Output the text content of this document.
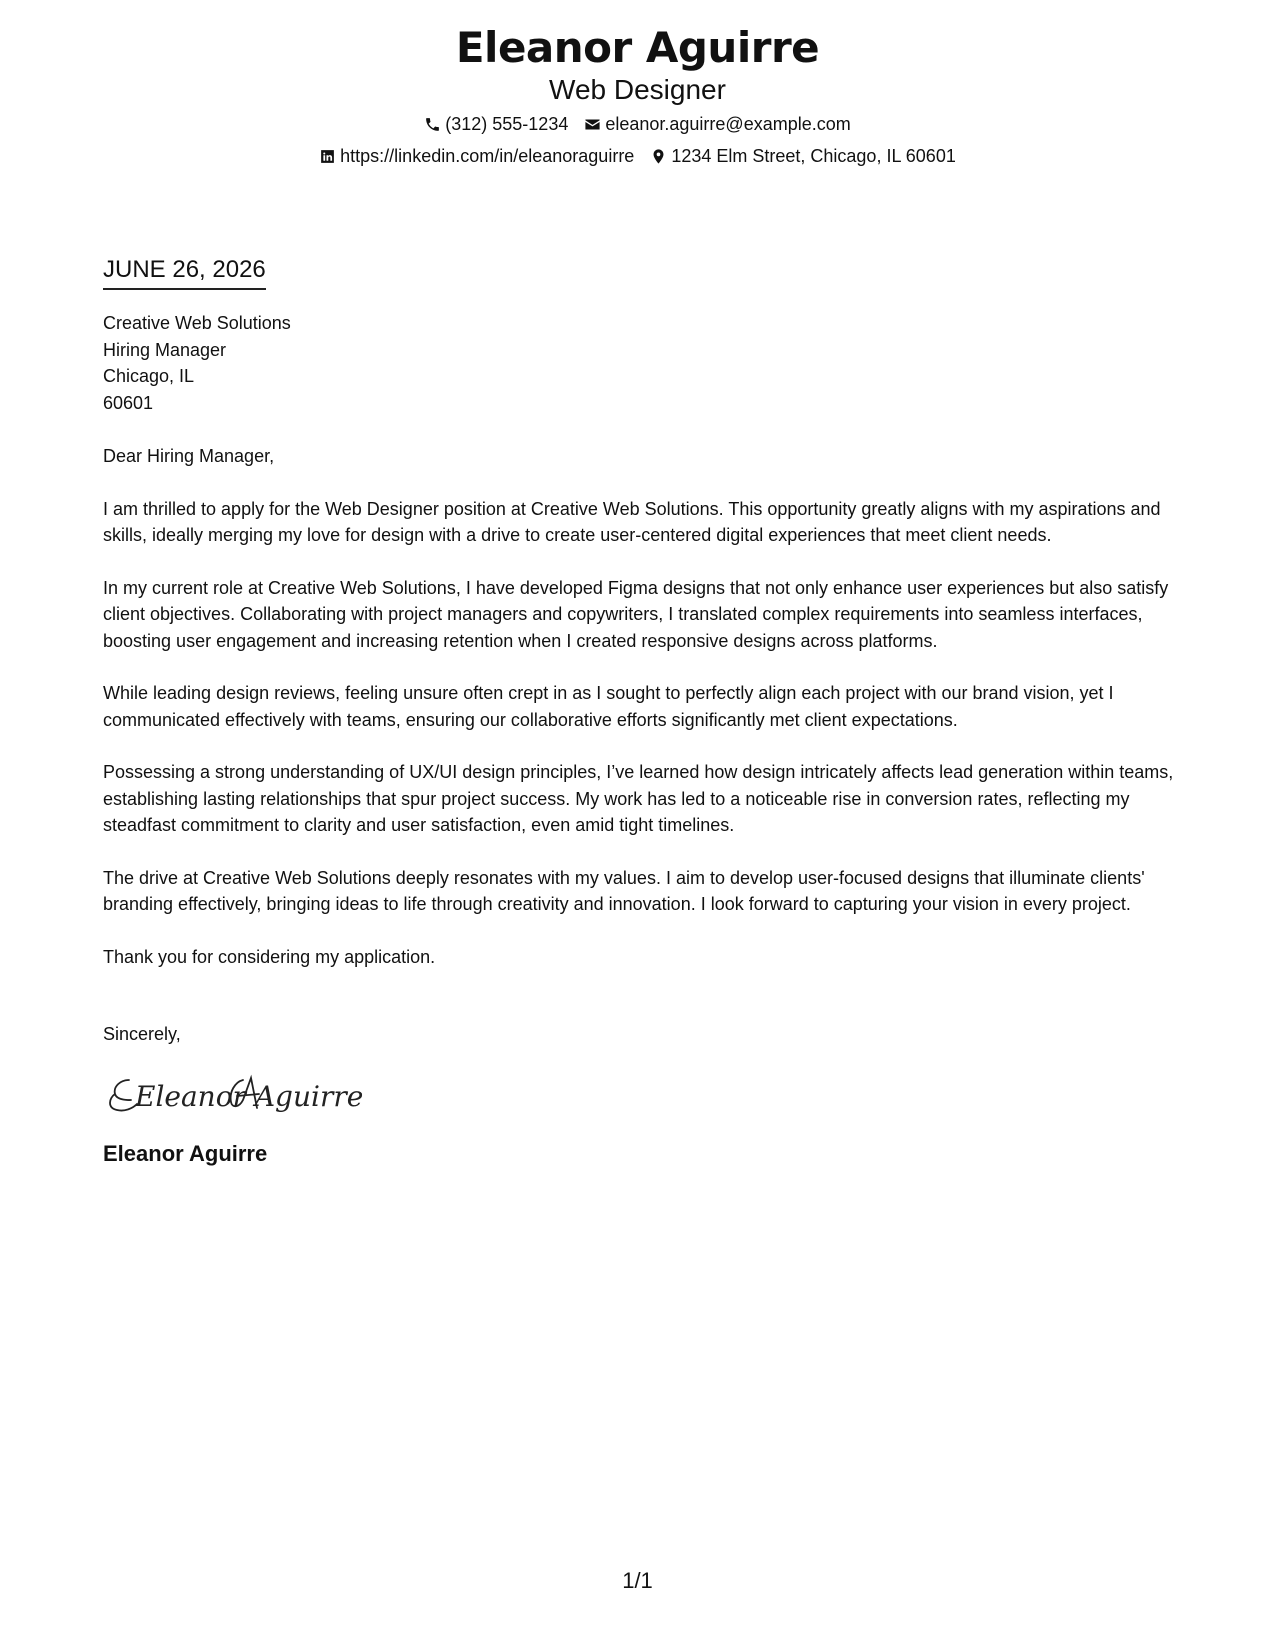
Eleanor Aguirre
Web Designer
(312) 555-1234 eleanor.aguirre@example.com
https://linkedin.com/in/eleanoraguirre 1234 Elm Street, Chicago, IL 60601
JUNE 26, 2026
Creative Web Solutions
Hiring Manager
Chicago, IL
60601
Dear Hiring Manager,

I am thrilled to apply for the Web Designer position at Creative Web Solutions. This opportunity greatly aligns with my aspirations and skills, ideally merging my love for design with a drive to create user-centered digital experiences that meet client needs.

In my current role at Creative Web Solutions, I have developed Figma designs that not only enhance user experiences but also satisfy client objectives. Collaborating with project managers and copywriters, I translated complex requirements into seamless interfaces, boosting user engagement and increasing retention when I created responsive designs across platforms.

While leading design reviews, feeling unsure often crept in as I sought to perfectly align each project with our brand vision, yet I communicated effectively with teams, ensuring our collaborative efforts significantly met client expectations.

Possessing a strong understanding of UX/UI design principles, I’ve learned how design intricately affects lead generation within teams, establishing lasting relationships that spur project success. My work has led to a noticeable rise in conversion rates, reflecting my steadfast commitment to clarity and user satisfaction, even amid tight timelines.

The drive at Creative Web Solutions deeply resonates with my values. I aim to develop user-focused designs that illuminate clients' branding effectively, bringing ideas to life through creativity and innovation. I look forward to capturing your vision in every project.

Thank you for considering my application.

Sincerely,
Eleanor Aguirre
Eleanor Aguirre
1/1
